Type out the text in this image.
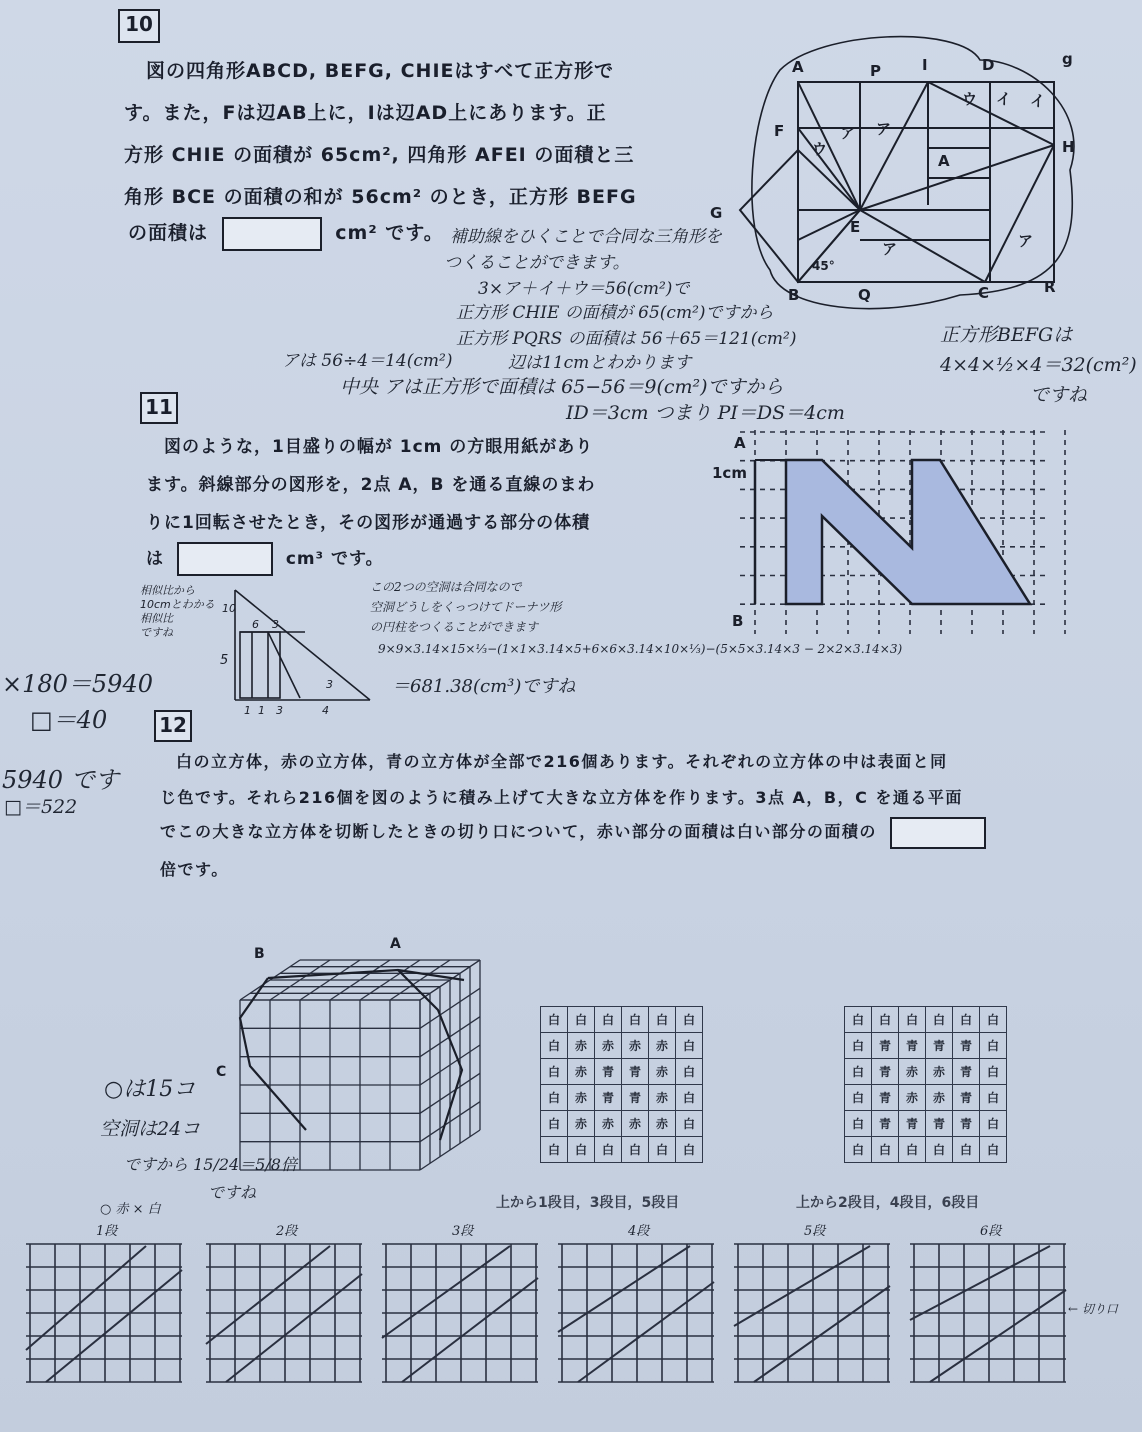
10
図の四角形ABCD, BEFG, CHIEはすべて正方形で
す。また，Fは辺AB上に，Iは辺AD上にあります。正
方形 CHIE の面積が 65cm², 四角形 AFEI の面積と三
角形 BCE の面積の和が 56cm² のとき，正方形 BEFG
の面積は	cm² です。 補助線をひくことで合同な三角形を
つくることができます。
3×ア＋イ＋ウ＝56(cm²)で
正方形 CHIE の面積が 65(cm²)ですから
正方形 PQRS の面積は 56＋65＝121(cm²)
辺は11cmとわかります
アは 56÷4＝14(cm²)
中央 アは正方形で面積は 65−56＝9(cm²)ですから
ID＝3cm つまり PI＝DS＝4cm
正方形BEFGは
4×4×½×4＝32(cm²)
ですね
A	P	I	D	g
F
H
G
E
B	Q	C	R
ア ア
ア	ア
イ イ
ウ
ウ
A
45°
11
図のような，1目盛りの幅が 1cm の方眼用紙があり
ます。斜線部分の図形を，2点 A，B を通る直線のまわ
りに1回転させたとき，その図形が通過する部分の体積
は	cm³ です。
A
1cm
B
相似比から
10cmとわかる
相似比
ですね
10
6 3
5
3
1 1 3	4
この2つの空洞は合同なので
空洞どうしをくっつけてドーナツ形
の円柱をつくることができます
9×9×3.14×15×⅓−(1×1×3.14×5+6×6×3.14×10×⅓)−(5×5×3.14×3 − 2×2×3.14×3)
＝681.38(cm³)ですね
×180＝5940
□＝40
5940 です
□＝522
12
白の立方体，赤の立方体，青の立方体が全部で216個あります。それぞれの立方体の中は表面と同
じ色です。それら216個を図のように積み上げて大きな立方体を作ります。3点 A，B，C を通る平面
でこの大きな立方体を切断したときの切り口について，赤い部分の面積は白い部分の面積の
倍です。
B
A
C
白	白	白	白	白	白
白	赤	赤	赤	赤	白
白	赤	青	青	赤	白
白	赤	青	青	赤	白
白	赤	赤	赤	赤	白
白	白	白	白	白	白
白	白	白	白	白	白
白	青	青	青	青	白
白	青	赤	赤	青	白
白	青	赤	赤	青	白
白	青	青	青	青	白
白	白	白	白	白	白
上から1段目，3段目，5段目	上から2段目，4段目，6段目
○は15コ
空洞は24コ
ですから 15/24＝5/8倍
ですね
○ 赤 × 白
1段	2段	3段	4段	5段	6段
← 切り口
